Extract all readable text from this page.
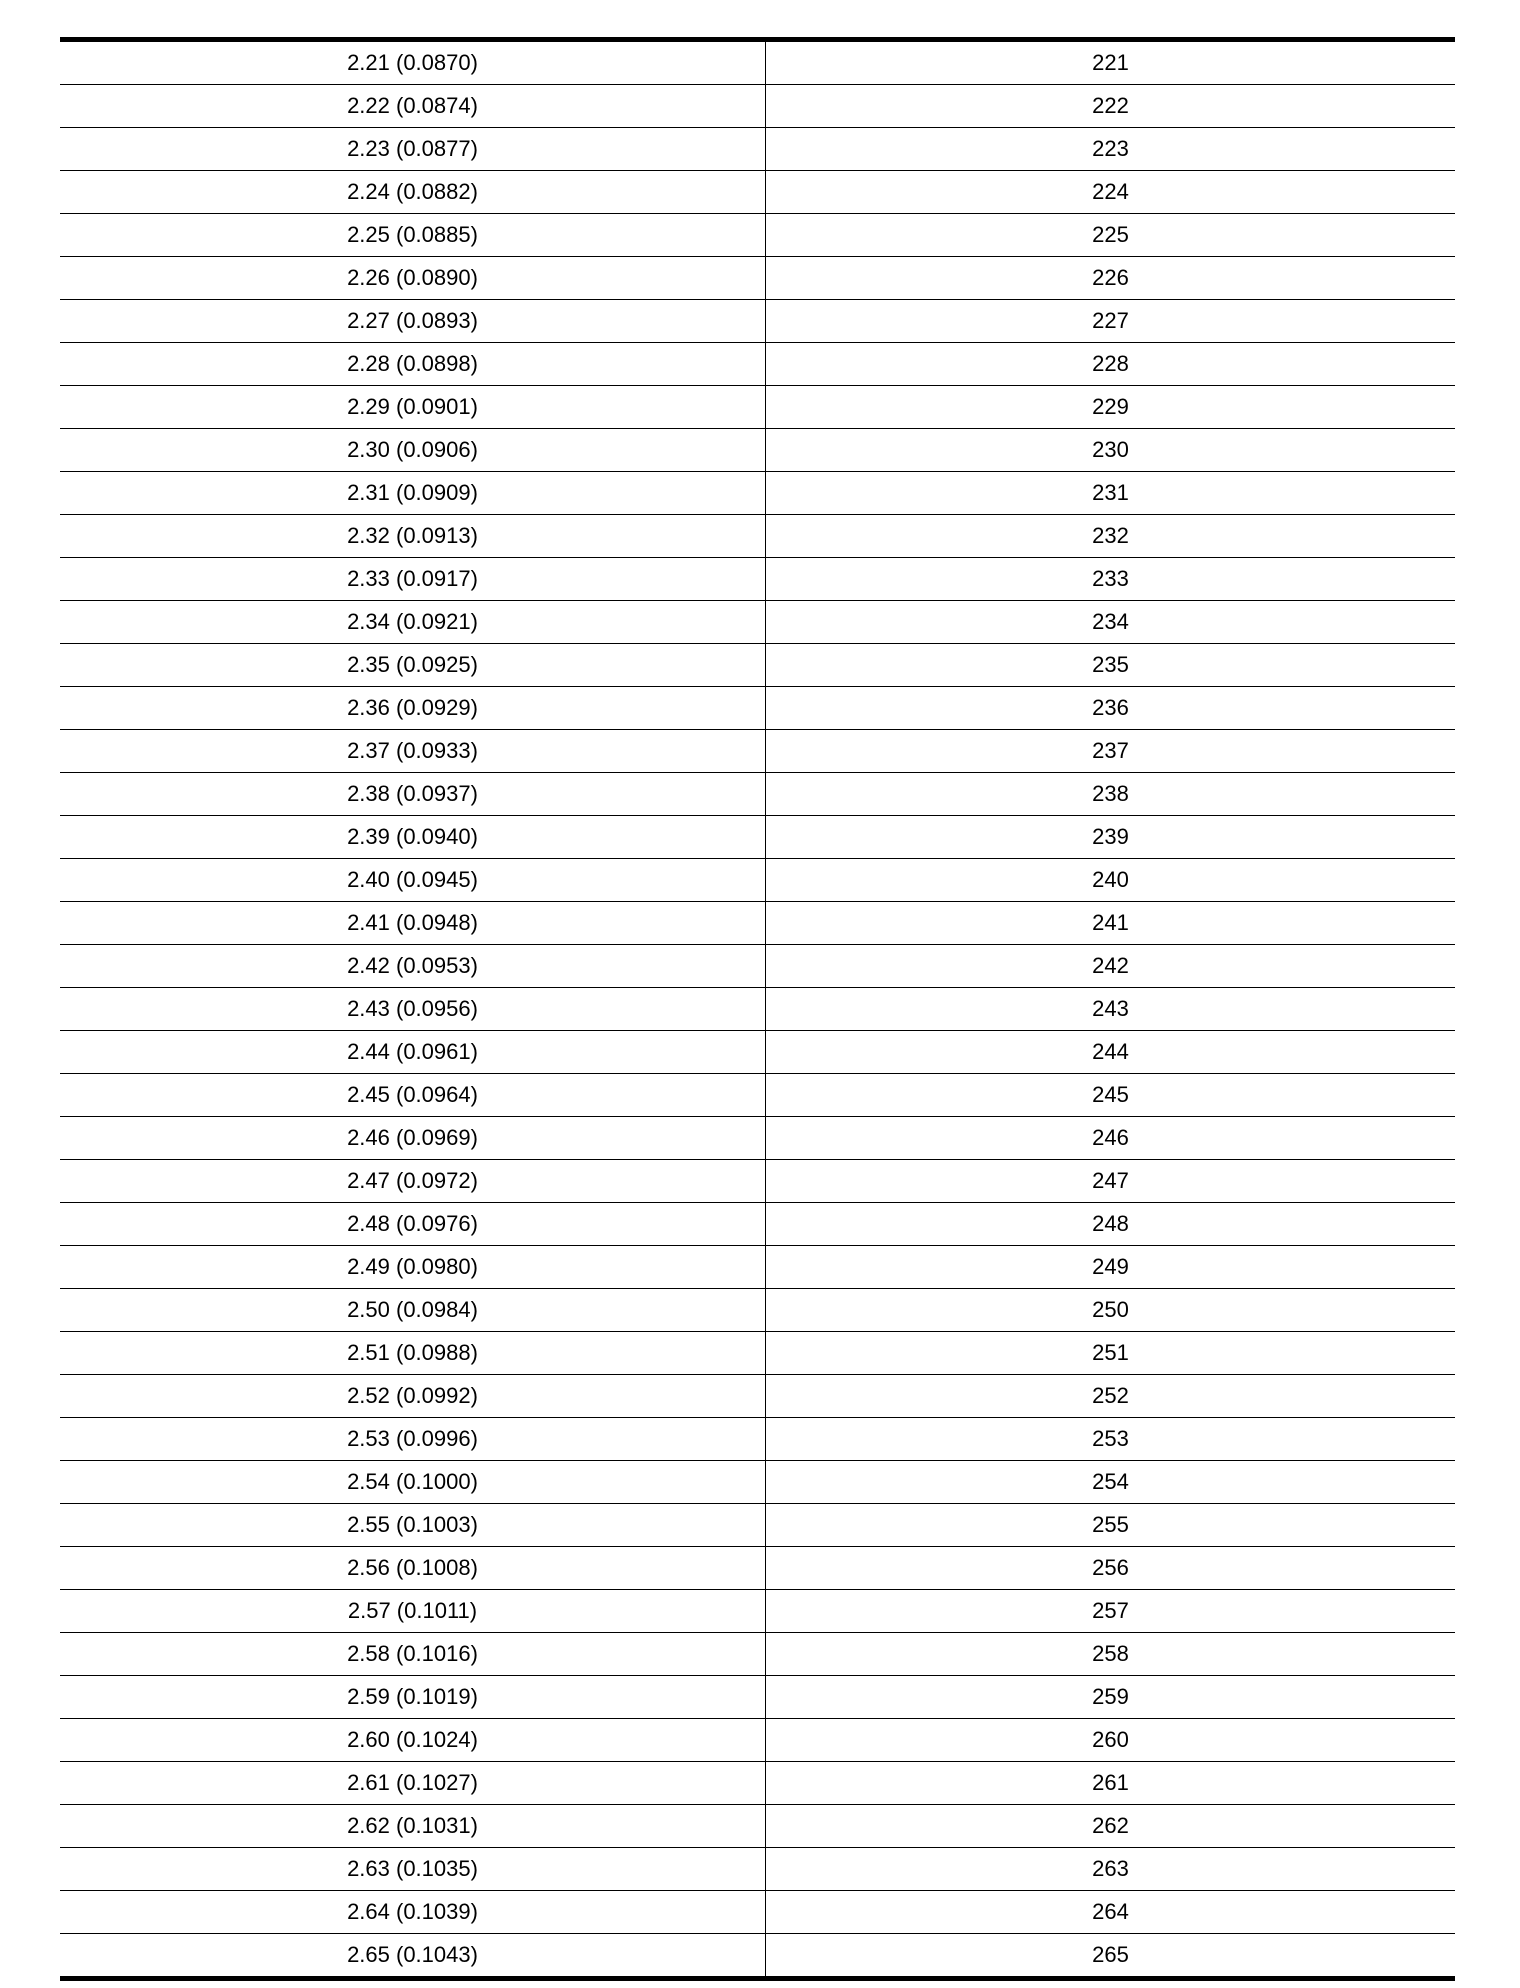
2.21 (0.0870)	221
2.22 (0.0874)	222
2.23 (0.0877)	223
2.24 (0.0882)	224
2.25 (0.0885)	225
2.26 (0.0890)	226
2.27 (0.0893)	227
2.28 (0.0898)	228
2.29 (0.0901)	229
2.30 (0.0906)	230
2.31 (0.0909)	231
2.32 (0.0913)	232
2.33 (0.0917)	233
2.34 (0.0921)	234
2.35 (0.0925)	235
2.36 (0.0929)	236
2.37 (0.0933)	237
2.38 (0.0937)	238
2.39 (0.0940)	239
2.40 (0.0945)	240
2.41 (0.0948)	241
2.42 (0.0953)	242
2.43 (0.0956)	243
2.44 (0.0961)	244
2.45 (0.0964)	245
2.46 (0.0969)	246
2.47 (0.0972)	247
2.48 (0.0976)	248
2.49 (0.0980)	249
2.50 (0.0984)	250
2.51 (0.0988)	251
2.52 (0.0992)	252
2.53 (0.0996)	253
2.54 (0.1000)	254
2.55 (0.1003)	255
2.56 (0.1008)	256
2.57 (0.1011)	257
2.58 (0.1016)	258
2.59 (0.1019)	259
2.60 (0.1024)	260
2.61 (0.1027)	261
2.62 (0.1031)	262
2.63 (0.1035)	263
2.64 (0.1039)	264
2.65 (0.1043)	265
